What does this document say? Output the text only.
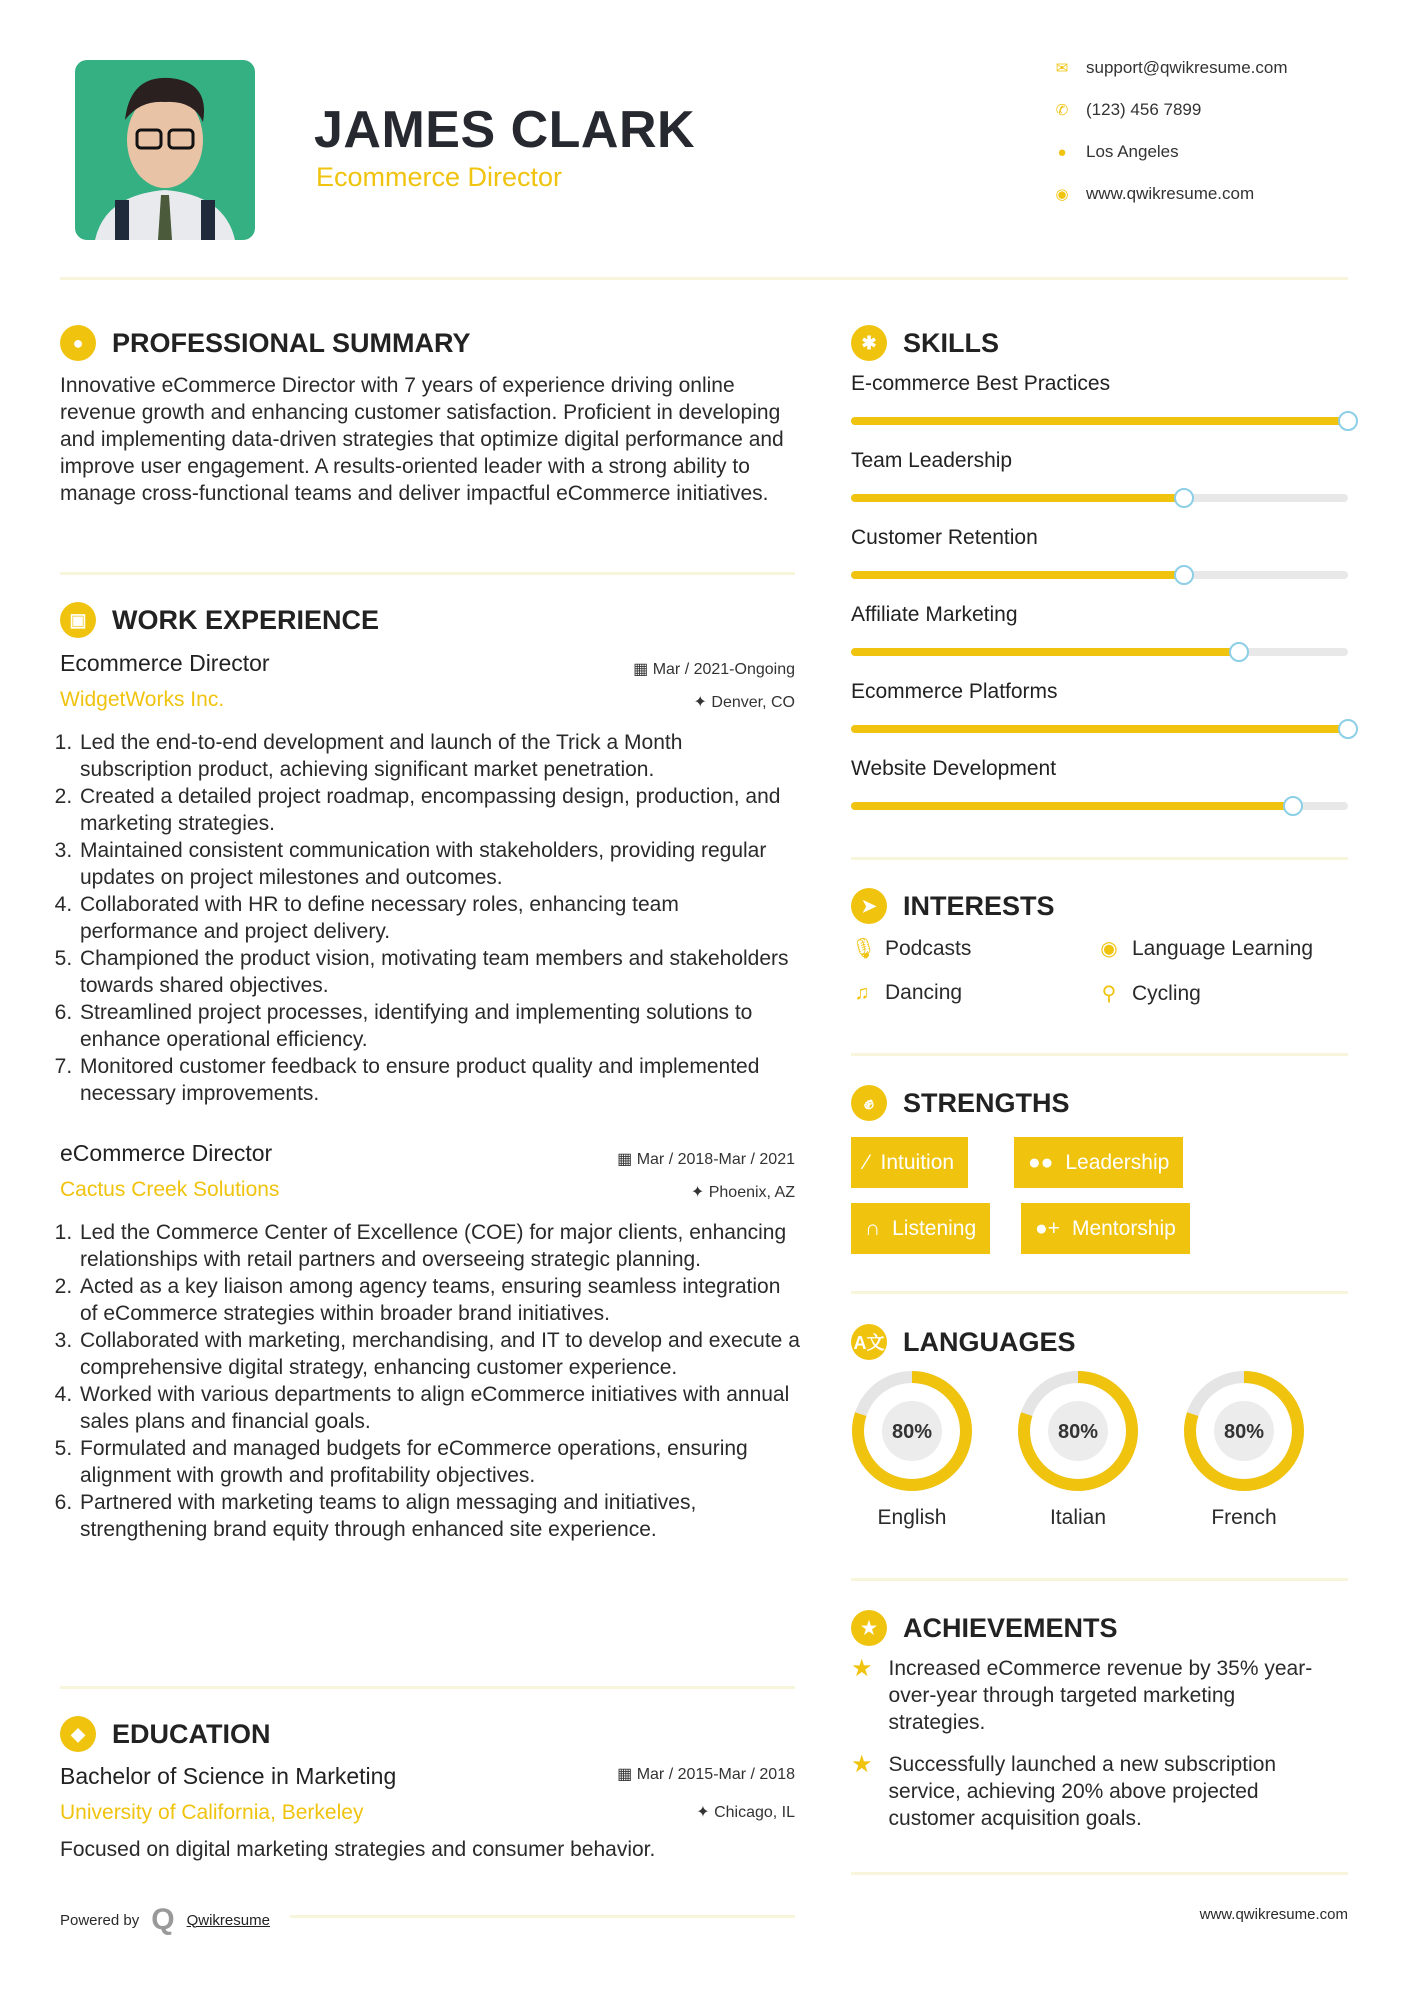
JAMES CLARK
Ecommerce Director
✉ support@qwikresume.com
✆ (123) 456 7899
●	Los Angeles
◉ www.qwikresume.com
●	PROFESSIONAL SUMMARY
Innovative eCommerce Director with 7 years of experience driving online revenue growth and enhancing customer satisfaction. Proficient in developing and implementing data-driven strategies that optimize digital performance and improve user engagement. A results-oriented leader with a strong ability to manage cross-functional teams and deliver impactful eCommerce initiatives.
▣ WORK EXPERIENCE
Ecommerce Director
WidgetWorks Inc.
▦ Mar / 2021-Ongoing
✦ Denver, CO
1. Led the end-to-end development and launch of the Trick a Month subscription product, achieving significant market penetration.
2. Created a detailed project roadmap, encompassing design, production, and marketing strategies.
3. Maintained consistent communication with stakeholders, providing regular updates on project milestones and outcomes.
4. Collaborated with HR to define necessary roles, enhancing team performance and project delivery.
5. Championed the product vision, motivating team members and stakeholders towards shared objectives.
6. Streamlined project processes, identifying and implementing solutions to enhance operational efficiency.
7. Monitored customer feedback to ensure product quality and implemented necessary improvements.
eCommerce Director
Cactus Creek Solutions
▦ Mar / 2018-Mar / 2021
✦ Phoenix, AZ
1. Led the Commerce Center of Excellence (COE) for major clients, enhancing relationships with retail partners and overseeing strategic planning.
2. Acted as a key liaison among agency teams, ensuring seamless integration of eCommerce strategies within broader brand initiatives.
3. Collaborated with marketing, merchandising, and IT to develop and execute a comprehensive digital strategy, enhancing customer experience.
4. Worked with various departments to align eCommerce initiatives with annual sales plans and financial goals.
5. Formulated and managed budgets for eCommerce operations, ensuring alignment with growth and profitability objectives.
6. Partnered with marketing teams to align messaging and initiatives, strengthening brand equity through enhanced site experience.
◆	EDUCATION
Bachelor of Science in Marketing
University of California, Berkeley
▦ Mar / 2015-Mar / 2018
✦ Chicago, IL
Focused on digital marketing strategies and consumer behavior.
✱ SKILLS
E-commerce Best Practices
Team Leadership
Customer Retention
Affiliate Marketing
Ecommerce Platforms
Website Development
➤ INTERESTS
🎙︎ Podcasts	◉ Language Learning
♫ Dancing	⚲ Cycling
✊︎	STRENGTHS
⁄ Intuition	●● Leadership
∩ Listening	●+ Mentorship
A文 LANGUAGES
80%
English
80%
Italian
80%
French
★ ACHIEVEMENTS
★ Increased eCommerce revenue by 35% year-over-year through targeted marketing strategies.
★ Successfully launched a new subscription service, achieving 20% above projected customer acquisition goals.
Powered by Q Qwikresume	www.qwikresume.com
